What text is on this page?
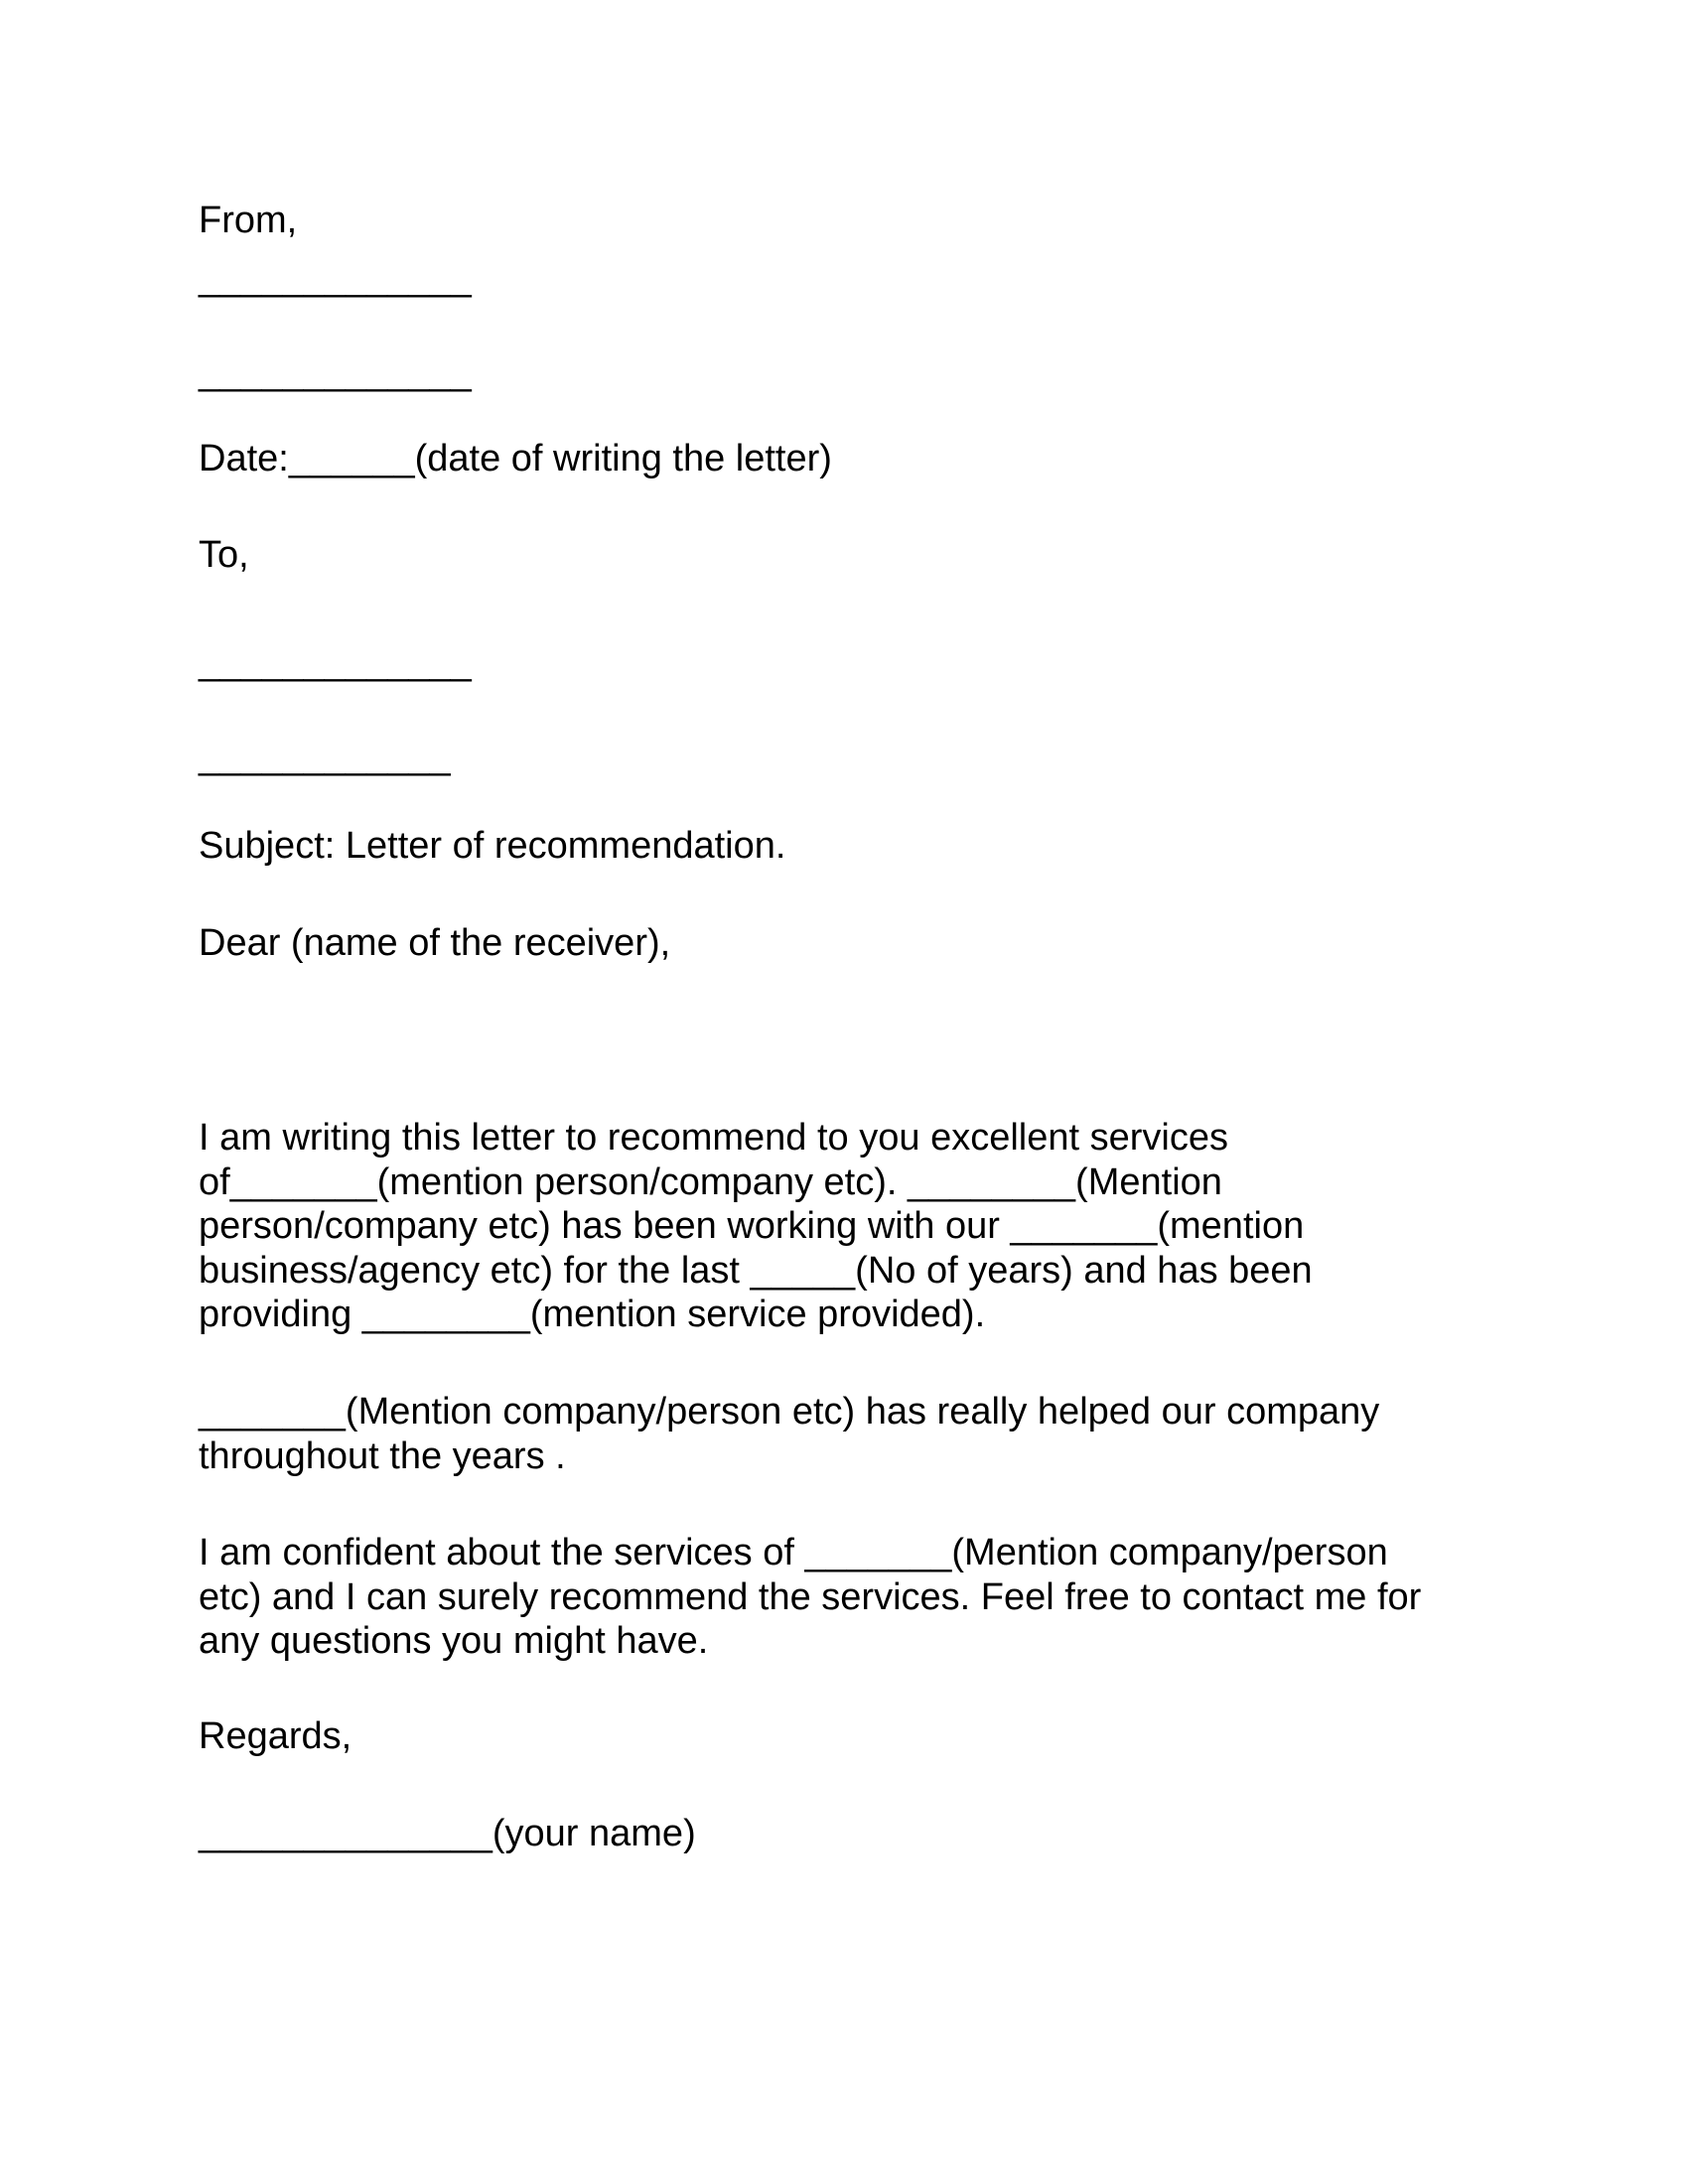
From,

_____________

_____________

Date:______(date of writing the letter)

To,

_____________

____________

Subject: Letter of recommendation.

Dear (name of the receiver),

I am writing this letter to recommend to you excellent services
of_______(mention person/company etc). ________(Mention
person/company etc) has been working with our _______(mention
business/agency etc) for the last _____(No of years) and has been
providing ________(mention service provided).
_______(Mention company/person etc) has really helped our company
throughout the years .
I am confident about the services of _______(Mention company/person
etc) and I can surely recommend the services. Feel free to contact me for
any questions you might have.

Regards,

______________(your name)
